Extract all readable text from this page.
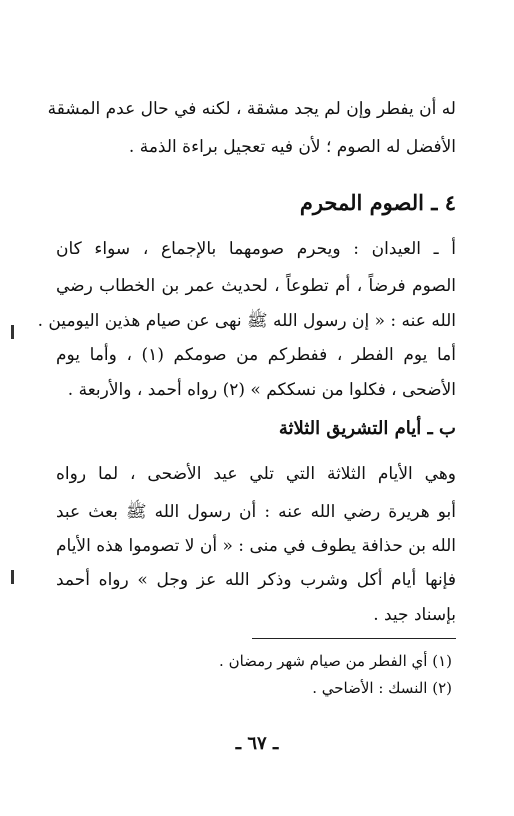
له أن يفطر وإن لم يجد مشقة ، لكنه في حال عدم المشقة
الأفضل له الصوم ؛ لأن فيه تعجيل براءة الذمة .
٤ ـ الصوم المحرم
أ ـ العيدان : ويحرم صومهما بالإجماع ، سواء كان
الصوم فرضاً ، أم تطوعاً ، لحديث عمر بن الخطاب رضي
الله عنه : « إن رسول الله ﷺ نهى عن صيام هذين اليومين .
أما يوم الفطر ، ففطركم من صومكم (١) ، وأما يوم
الأضحى ، فكلوا من نسككم » (٢) رواه أحمد ، والأربعة .
ب ـ أيام التشريق الثلاثة
وهي الأيام الثلاثة التي تلي عيد الأضحى ، لما رواه
أبو هريرة رضي الله عنه : أن رسول الله ﷺ بعث عبد
الله بن حذافة يطوف في منى : « أن لا تصوموا هذه الأيام
فإنها أيام أكل وشرب وذكر الله عز وجل » رواه أحمد
بإسناد جيد .
(١) أي الفطر من صيام شهر رمضان .
(٢) النسك : الأضاحي .
ـ ٦٧ ـ
